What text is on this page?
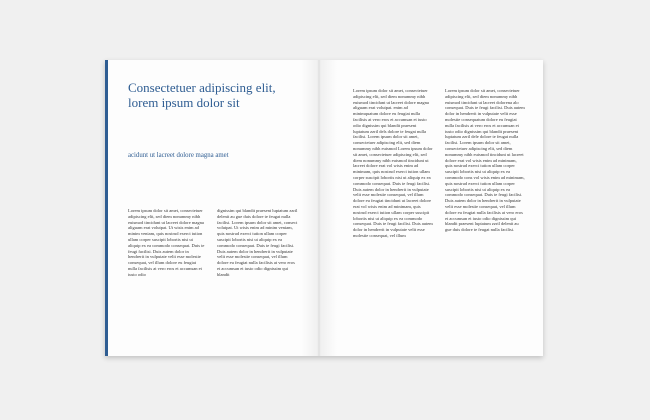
Consectetuer adipiscing elit, lorem ipsum dolor sit
acidunt ut lacreet dolore magna amet

Lorem ipsum dolor sit amet, consectetuer adipiscing elit, sed diem nonummy nibh euismod tincidunt ut lacreet dolore magna aliguam erat volutpat. Ut wisis enim ad minim veniam, quis nostrud exerci tution ullam corper suscipit lobortis nisi ut aliquip ex ea commodo consequat. Duis te feugi facilisi. Duis autem dolor in hendrerit in vulputate velit esse molestie consequat, vel illum dolore eu feugiat nulla facilisis at vero eros et accumsan et iusto odio

dignissim qui blandit praesent luptatum zzril delenit au gue duis dolore te feugat nulla facilisi. Lorem ipsum dolor sit amet, consect volutpat. Ut wisis enim ad minim veniam, quis nostrud exerci tution ullam corper suscipit lobortis nisi ut aliquip ex ea commodo consequat. Duis te feugi facilisi. Duis autem dolor in hendrerit in vulputate velit esse molestie consequat, vel illum dolore eu feugiat nulla facilisis at vero eros et accumsan et iusto odio dignissim qui blandit

Lorem ipsum dolor sit amet, consectetuer adipiscing elit, sed diem nonummy nibh euismod tincidunt ut lacreet dolore magna aliguam erat volutpat. enim ad minimquatum dolore eu feugiat nulla facilisis at vero eros et accumsan et iusto odio dignissim qui blandit praesent luptatum zzril dels dolore te feugat nulla facilisi. Lorem ipsum dolor sit amet, consectetuer adipiscing elit, sed diem nonummy nibh euismod Lorem ipsum dolor sit amet, consectetuer adipiscing elit, sed diem nonummy nibh euismod tincidunt ut lacreet dolore erat vol wisis enim ad minimam, quis nostrud exerci tution ullam corper suscipit lobortis nisi ut aliquip ex ea commodo consequat. Duis te feugi facilisi. Duis autem dolor in hendrerit in vulputate velit esse molestie consequat, vel illum dolore eu feugiat tincidunt ut lacreet dolore erat vol wisis enim ad minimam, quis nostrud exerci tution ullam corper suscipit lobortis nisi ut aliquip ex ea commodo consequat. Duis te feugi facilisi. Duis autem dolor in hendrerit in vulputate velit esse molestie consequat, vel illum

Lorem ipsum dolor sit amet, consectetuer adipiscing elit, sed diem nonummy nibh euismod tincidunt ut lacreet dolorena alo consequat. Duis te feugi facilisi. Duis autem dolor in hendrerit in vulputate velit esse molestie consequatum dolore eu feugiat nulla facilisis at vero eros et accumsan et iusto odio dignissim qui blandit praesent luptatum zzril dele dolore te feugat nulla facilisi. Lorem ipsum dolor sit amet, consectetuer adipiscing elit, sed diem nonummy nibh euismod tincidunt ut lacreet dolore erat vol wisis enim ad minimam, quis nostrud exerci tution ullam corper suscipit lobortis nisi ut aliquip ex ea commodo cons vol wisis enim ad minimam, quis nostrud exerci tution ullam corper suscipit lobortis nisi ut aliquip ex ea commodo consequat. Duis te feugi facilisi. Duis autem dolor in hendrerit in vulputate velit esse molestie consequat, vel illum dolore eu feugiat nulla facilisis at vero eros et accumsan et iusto odio dignissim qui blandit praesent luptatum zzril delenit au gue duis dolore te feugat nulla facilisi.
